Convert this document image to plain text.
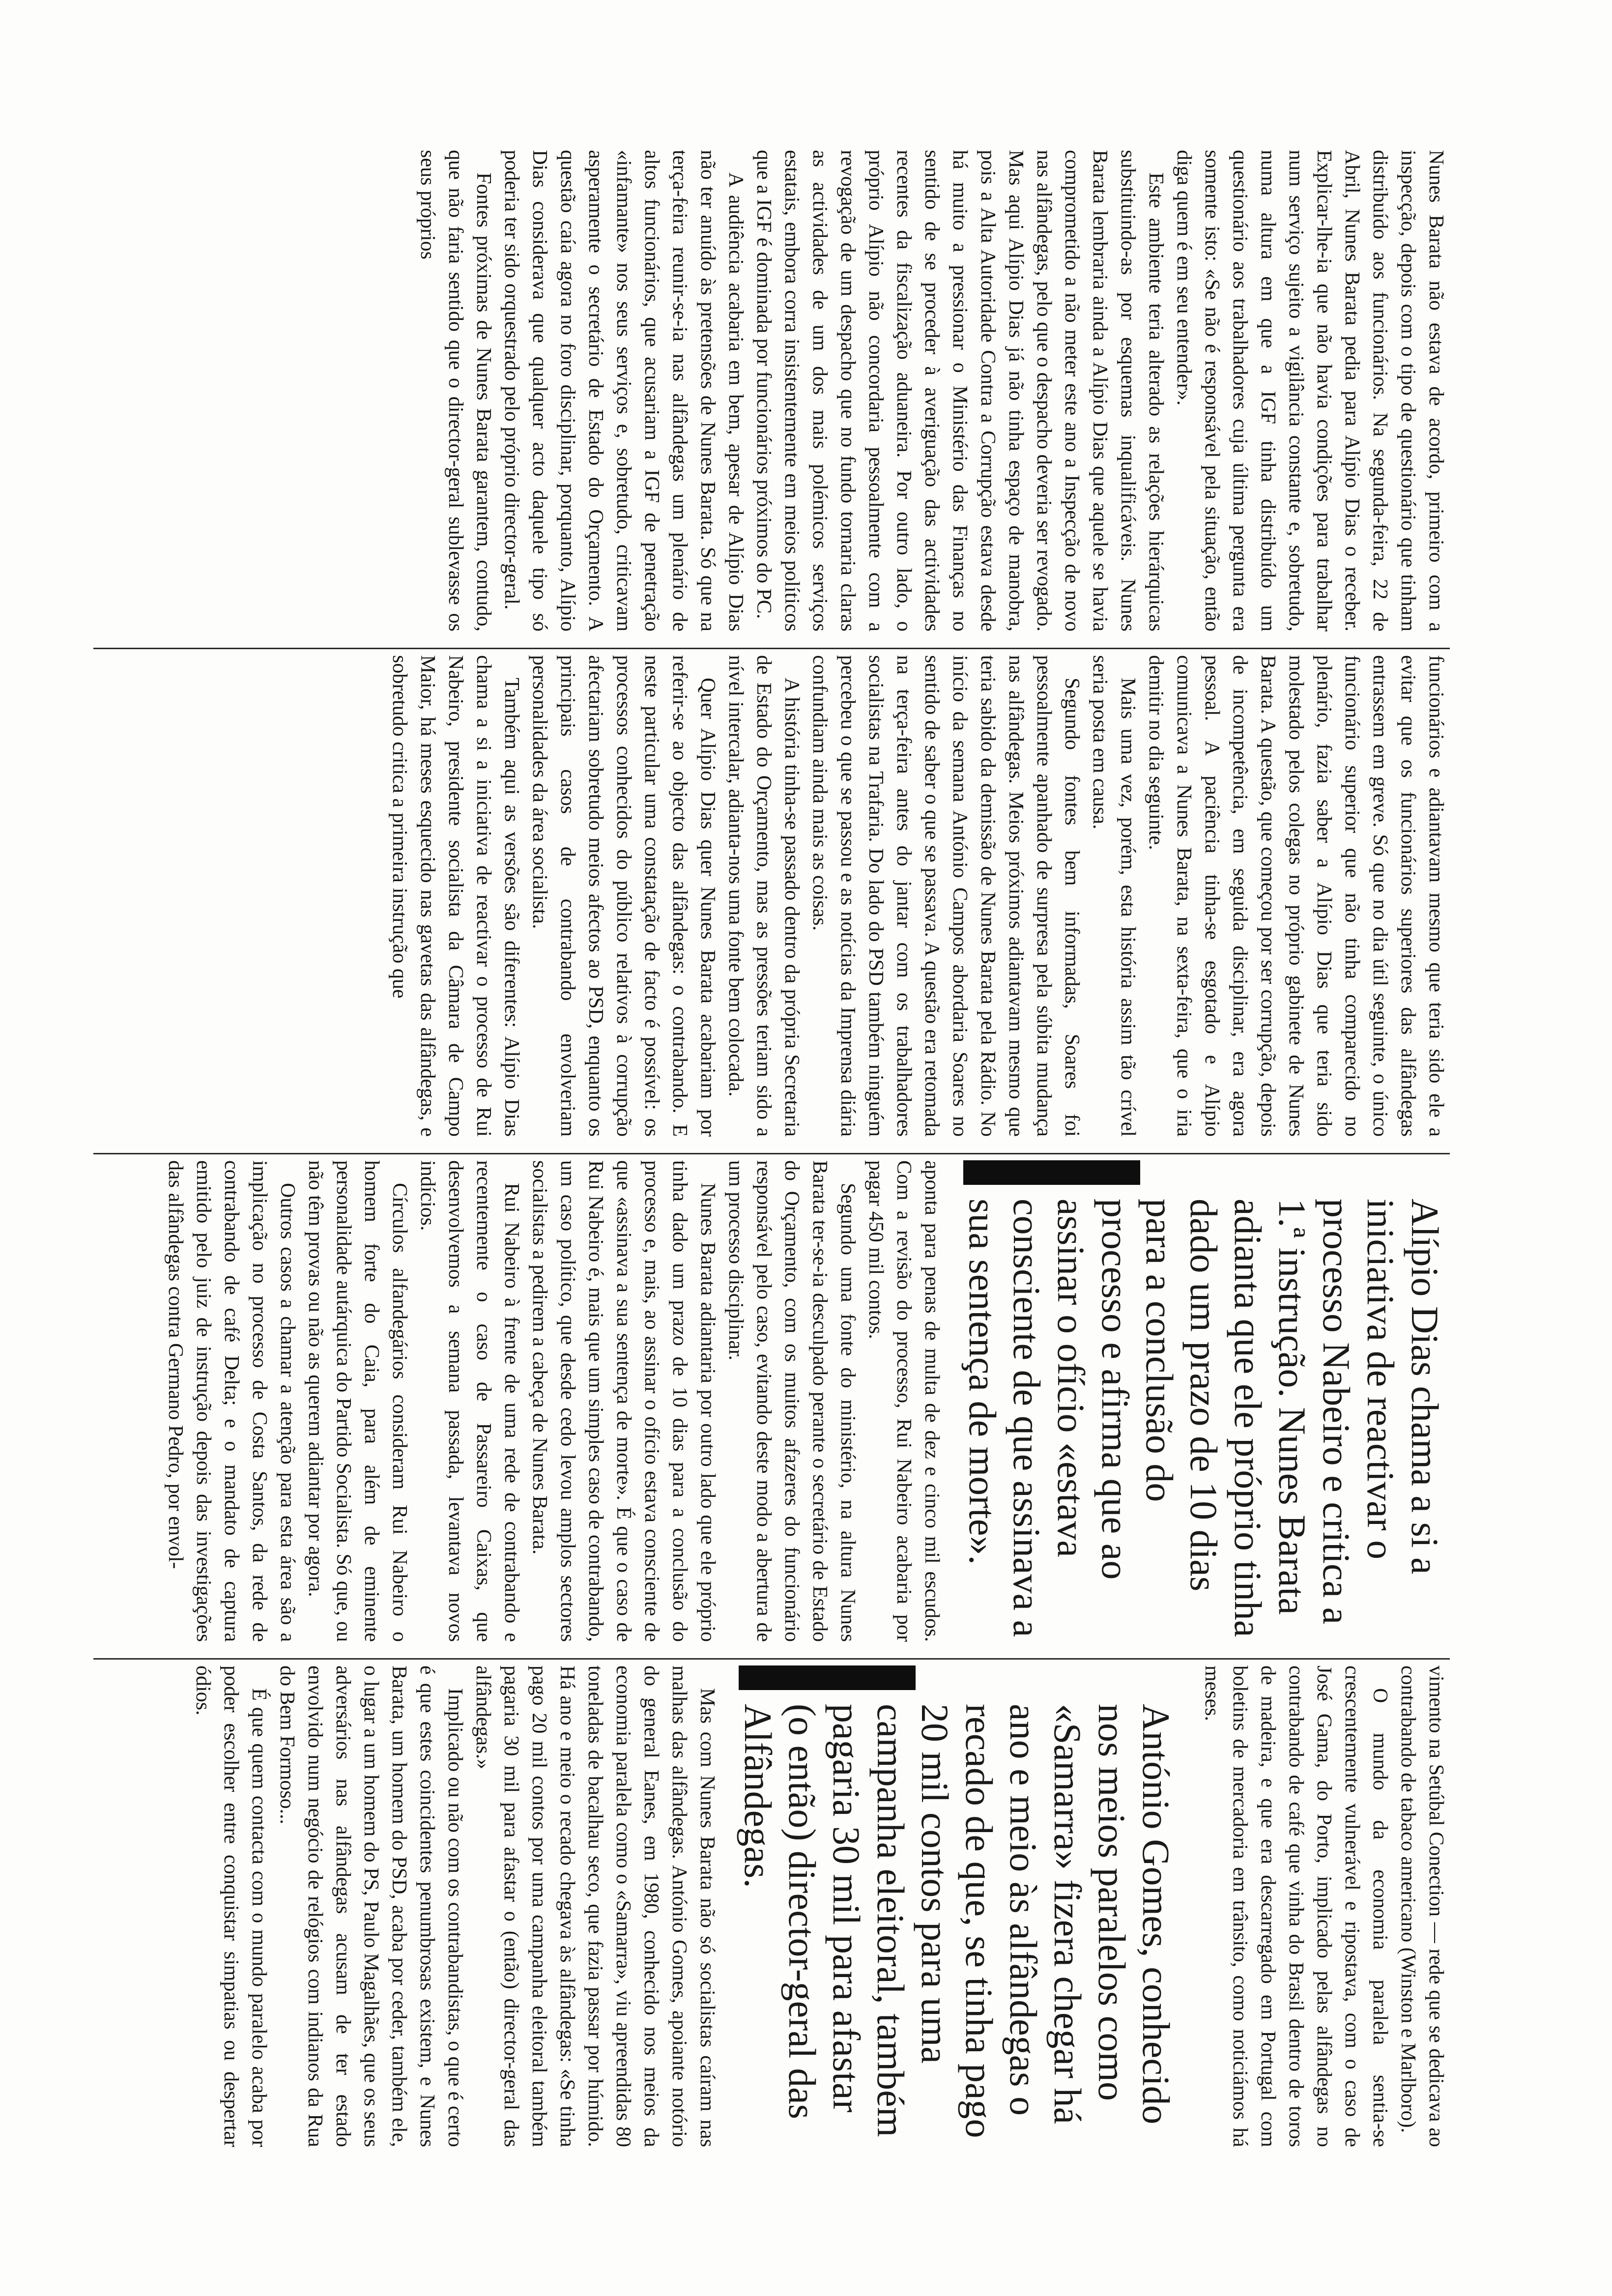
Nunes Barata não estava de acordo, primeiro com a inspecção, depois com o tipo de questionário que tinham distribuído aos funcionários. Na segunda-feira, 22 de Abril, Nunes Barata pedia para Alípio Dias o receber. Explicar-lhe-ia que não havia condições para trabalhar num serviço sujeito a vigilância constante e, sobretudo, numa altura em que a IGF tinha distribuído um questionário aos trabalhadores cuja última pergunta era somente isto: «Se não é responsável pela situação, então diga quem é em seu entender».

Este ambiente teria alterado as relações hierárquicas substituindo-as por esquemas inqualificáveis. Nunes Barata lembraria ainda a Alípio Dias que aquele se havia comprometido a não meter este ano a Inspecção de novo nas alfândegas, pelo que o despacho deveria ser revogado. Mas aqui Alípio Dias já não tinha espaço de manobra, pois a Alta Autoridade Contra a Corrupção estava desde há muito a pressionar o Ministério das Finanças no sentido de se proceder à averiguação das actividades recentes da fiscalização aduaneira. Por outro lado, o próprio Alípio não concordaria pessoalmente com a revogação de um despacho que no fundo tornaria claras as actividades de um dos mais polémicos serviços estatais, embora corra insistentemente em meios políticos que a IGF é dominada por funcionários próximos do PC.

A audiência acabaria em bem, apesar de Alípio Dias não ter anuído às pretensões de Nunes Barata. Só que na terça-feira reunir-se-ia nas alfândegas um plenário de altos funcionários, que acusariam a IGF de penetração «infamante» nos seus serviços e, sobretudo, criticavam asperamente o secretário de Estado do Orçamento. A questão caía agora no foro disciplinar, porquanto, Alípio Dias considerava que qualquer acto daquele tipo só poderia ter sido orquestrado pelo próprio director-geral.

Fontes próximas de Nunes Barata garantem, contudo, que não faria sentido que o director-geral sublevasse os seus próprios

funcionários e adiantavam mesmo que teria sido ele a evitar que os funcionários superiores das alfândegas entrassem em greve. Só que no dia útil seguinte, o único funcionário superior que não tinha comparecido no plenário, fazia saber a Alípio Dias que teria sido molestado pelos colegas no próprio gabinete de Nunes Barata. A questão, que começou por ser corrupção, depois de incompetência, em seguida disciplinar, era agora pessoal. A paciência tinha-se esgotado e Alípio comunicava a Nunes Barata, na sexta-feira, que o iria demitir no dia seguinte.

Mais uma vez, porém, esta história assim tão crível seria posta em causa.

Segundo fontes bem informadas, Soares foi pessoalmente apanhado de surpresa pela súbita mudança nas alfândegas. Meios próximos adiantavam mesmo que teria sabido da demissão de Nunes Barata pela Rádio. No início da semana António Campos abordaria Soares no sentido de saber o que se passava. A questão era retomada na terça-feira antes do jantar com os trabalhadores socialistas na Trafaria. Do lado do PSD também ninguém percebeu o que se passou e as notícias da Imprensa diária confundiam ainda mais as coisas.

A história tinha-se passado dentro da própria Secretaria de Estado do Orçamento, mas as pressões teriam sido a nível intercalar, adianta-nos uma fonte bem colocada.

Quer Alípio Dias quer Nunes Barata acabariam por referir-se ao objecto das alfândegas: o contrabando. E neste particular uma constatação de facto é possível: os processos conhecidos do público relativos à corrupção afectariam sobretudo meios afectos ao PSD, enquanto os principais casos de contrabando envolveriam personalidades da área socialista.

Também aqui as versões são diferentes: Alípio Dias chama a si a iniciativa de reactivar o processo de Rui Nabeiro, presidente socialista da Câmara de Campo Maior, há meses esquecido nas gavetas das alfândegas, e sobretudo critica a primeira instrução que

Alípio Dias chama a si a iniciativa de reactivar o processo Nabeiro e critica a 1.ª instrução. Nunes Barata adianta que ele próprio tinha dado um prazo de 10 dias para a conclusão do processo e afirma que ao assinar o ofício «estava consciente de que assinava a sua sentença de morte».

aponta para penas de multa de dez e cinco mil escudos. Com a revisão do processo, Rui Nabeiro acabaria por pagar 450 mil contos.

Segundo uma fonte do ministério, na altura Nunes Barata ter-se-ia desculpado perante o secretário de Estado do Orçamento, com os muitos afazeres do funcionário responsável pelo caso, evitando deste modo a abertura de um processo disciplinar.

Nunes Barata adiantaria por outro lado que ele próprio tinha dado um prazo de 10 dias para a conclusão do processo e, mais, ao assinar o ofício estava consciente de que «assinava a sua sentença de morte». É que o caso de Rui Nabeiro é, mais que um simples caso de contrabando, um caso político, que desde cedo levou amplos sectores socialistas a pedirem a cabeça de Nunes Barata.

Rui Nabeiro à frente de uma rede de contrabando e recentemente o caso de Passareiro Caixas, que desenvolvemos a semana passada, levantava novos indícios.

Círculos alfandegários consideram Rui Nabeiro o homem forte do Caia, para além de eminente personalidade autárquica do Partido Socialista. Só que, ou não têm provas ou não as querem adiantar por agora.

Outros casos a chamar a atenção para esta área são a implicação no processo de Costa Santos, da rede de contrabando de café Delta; e o mandato de captura emitido pelo juiz de instrução depois das investigações das alfândegas contra Germano Pedro, por envol-

vimento na Setúbal Conection — rede que se dedicava ao contrabando de tabaco americano (Winston e Marlboro).

O mundo da economia paralela sentia-se crescentemente vulnerável e ripostava, com o caso de José Gama, do Porto, implicado pelas alfândegas no contrabando de café que vinha do Brasil dentro de toros de madeira, e que era descarregado em Portugal com boletins de mercadoria em trânsito, como noticiámos há meses.

António Gomes, conhecido nos meios paralelos como «Samarra» fizera chegar há ano e meio às alfândegas o recado de que, se tinha pago 20 mil contos para uma campanha eleitoral, também pagaria 30 mil para afastar (o então) director-geral das Alfândegas.

Mas com Nunes Barata não só socialistas caíram nas malhas das alfândegas. António Gomes, apoiante notório do general Eanes, em 1980, conhecido nos meios da economia paralela como o «Samarra», viu apreendidas 80 toneladas de bacalhau seco, que fazia passar por húmido. Há ano e meio o recado chegava às alfândegas: «Se tinha pago 20 mil contos por uma campanha eleitoral também pagaria 30 mil para afastar o (então) director-geral das alfândegas.»

Implicado ou não com os contrabandistas, o que é certo é que estes coincidentes penumbrosas existem, e Nunes Barata, um homem do PSD, acaba por ceder, também ele, o lugar a um homem do PS, Paulo Magalhães, que os seus adversários nas alfândegas acusam de ter estado envolvido num negócio de relógios com indianos da Rua do Bem Formoso...

É que quem contacta com o mundo paralelo acaba por poder escolher entre conquistar simpatias ou despertar ódios.
